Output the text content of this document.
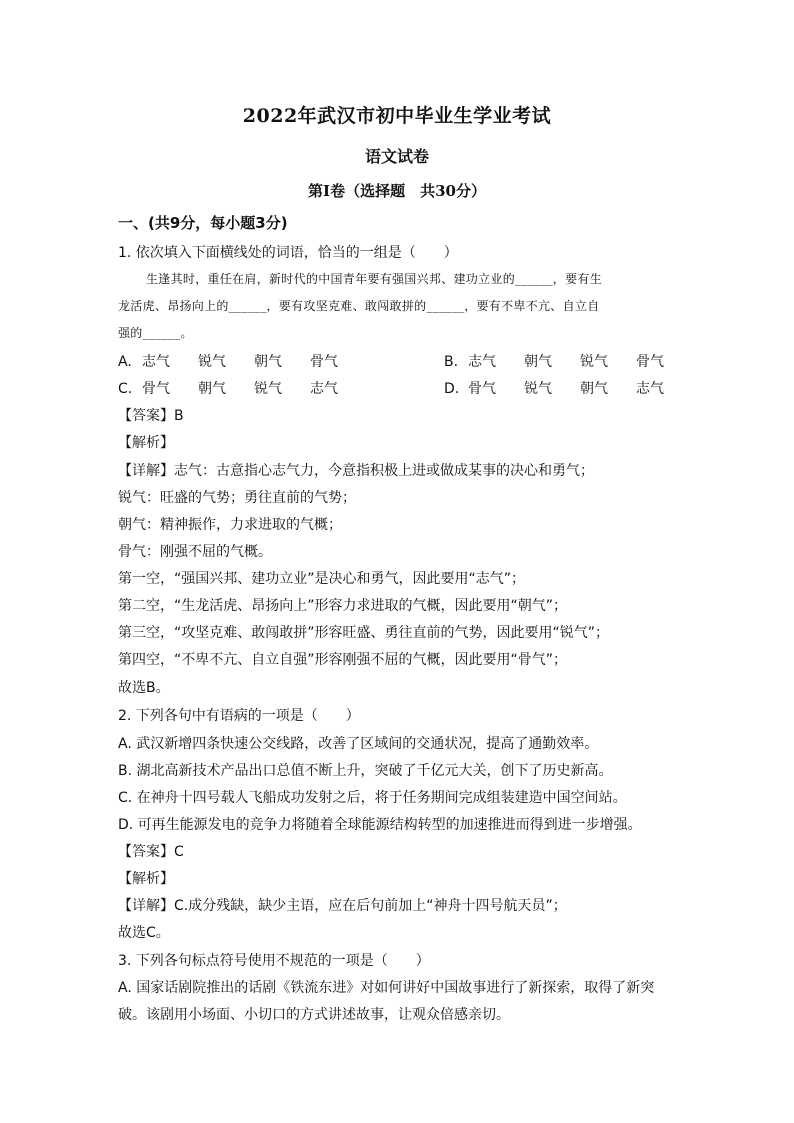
2022年武汉市初中毕业生学业考试
语文试卷
第Ⅰ卷（选择题　共30分）
一、(共9分，每小题3分)
1. 依次填入下面横线处的词语，恰当的一组是（　　）
生逢其时，重任在肩，新时代的中国青年要有强国兴邦、建功立业的______，要有生
龙活虎、昂扬向上的______，要有攻坚克难、敢闯敢拼的______，要有不卑不亢、自立自
强的______。
A. 志气 锐气 朝气 骨气	B. 志气 朝气 锐气 骨气
C. 骨气 朝气 锐气 志气	D. 骨气 锐气 朝气 志气
【答案】B
【解析】
【详解】志气：古意指心志气力，今意指积极上进或做成某事的决心和勇气；
锐气：旺盛的气势；勇往直前的气势；
朝气：精神振作，力求进取的气概；
骨气：刚强不屈的气概。
第一空，“强国兴邦、建功立业”是决心和勇气，因此要用“志气”；
第二空，“生龙活虎、昂扬向上”形容力求进取的气概，因此要用“朝气”；
第三空，“攻坚克难、敢闯敢拼”形容旺盛、勇往直前的气势，因此要用“锐气”；
第四空，“不卑不亢、自立自强”形容刚强不屈的气概，因此要用“骨气”；
故选B。
2. 下列各句中有语病的一项是（　　）
A. 武汉新增四条快速公交线路，改善了区域间的交通状况，提高了通勤效率。
B. 湖北高新技术产品出口总值不断上升，突破了千亿元大关，创下了历史新高。
C. 在神舟十四号载人飞船成功发射之后，将于任务期间完成组装建造中国空间站。
D. 可再生能源发电的竞争力将随着全球能源结构转型的加速推进而得到进一步增强。
【答案】C
【解析】
【详解】C.成分残缺，缺少主语，应在后句前加上“神舟十四号航天员”；
故选C。
3. 下列各句标点符号使用不规范的一项是（　　）
A. 国家话剧院推出的话剧《铁流东进》对如何讲好中国故事进行了新探索，取得了新突
破。该剧用小场面、小切口的方式讲述故事，让观众倍感亲切。
